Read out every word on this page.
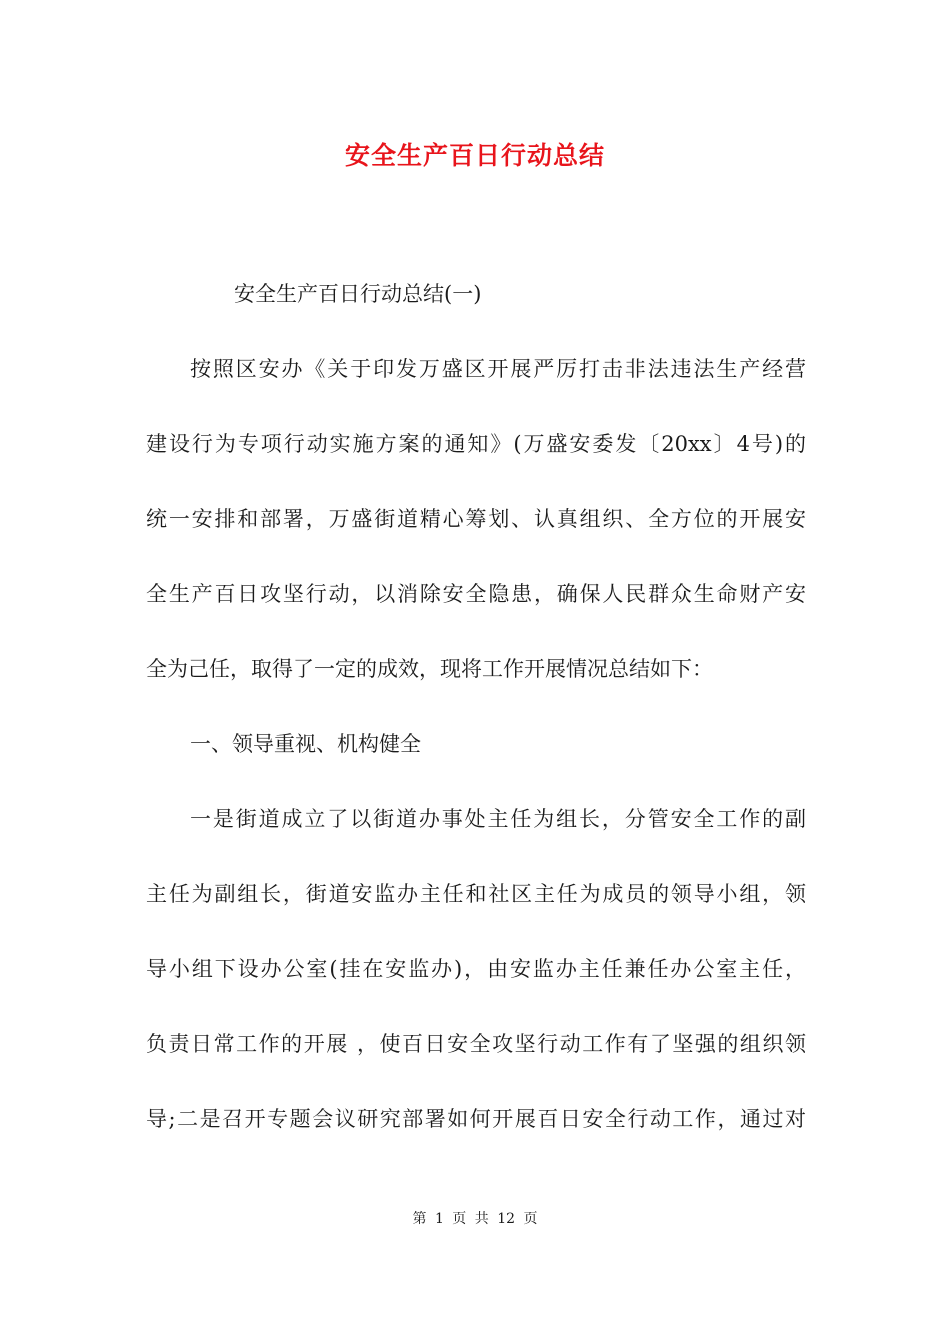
安全生产百日行动总结
安全生产百日行动总结(一)
按照区安办《关于印发万盛区开展严厉打击非法违法生产经营
建设行为专项行动实施方案的通知》(万盛安委发〔20xx〕4号)的
统一安排和部署，万盛街道精心筹划、认真组织、全方位的开展安
全生产百日攻坚行动，以消除安全隐患，确保人民群众生命财产安
全为己任，取得了一定的成效，现将工作开展情况总结如下：
一、领导重视、机构健全
一是街道成立了以街道办事处主任为组长，分管安全工作的副
主任为副组长，街道安监办主任和社区主任为成员的领导小组，领
导小组下设办公室(挂在安监办)，由安监办主任兼任办公室主任，
负责日常工作的开展 ，使百日安全攻坚行动工作有了坚强的组织领
导;二是召开专题会议研究部署如何开展百日安全行动工作，通过对
第 1 页 共 12 页
